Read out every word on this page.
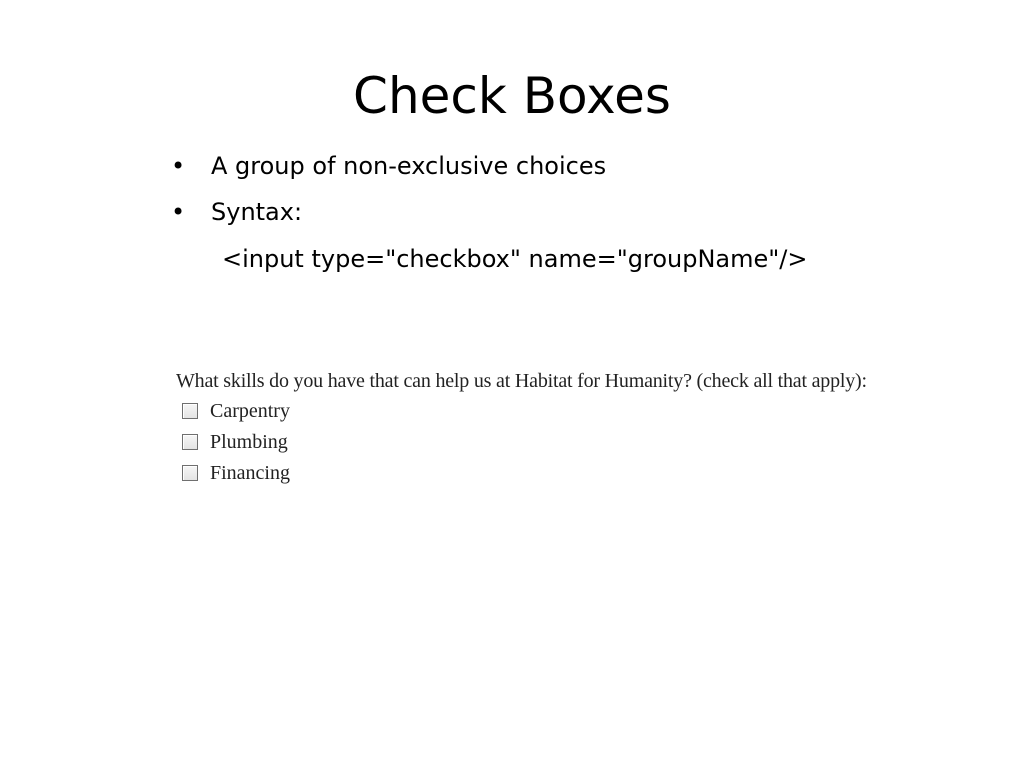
Check Boxes
• A group of non-exclusive choices
• Syntax:
<input type="checkbox" name="groupName"/>
What skills do you have that can help us at Habitat for Humanity? (check all that apply):
Carpentry
Plumbing
Financing
